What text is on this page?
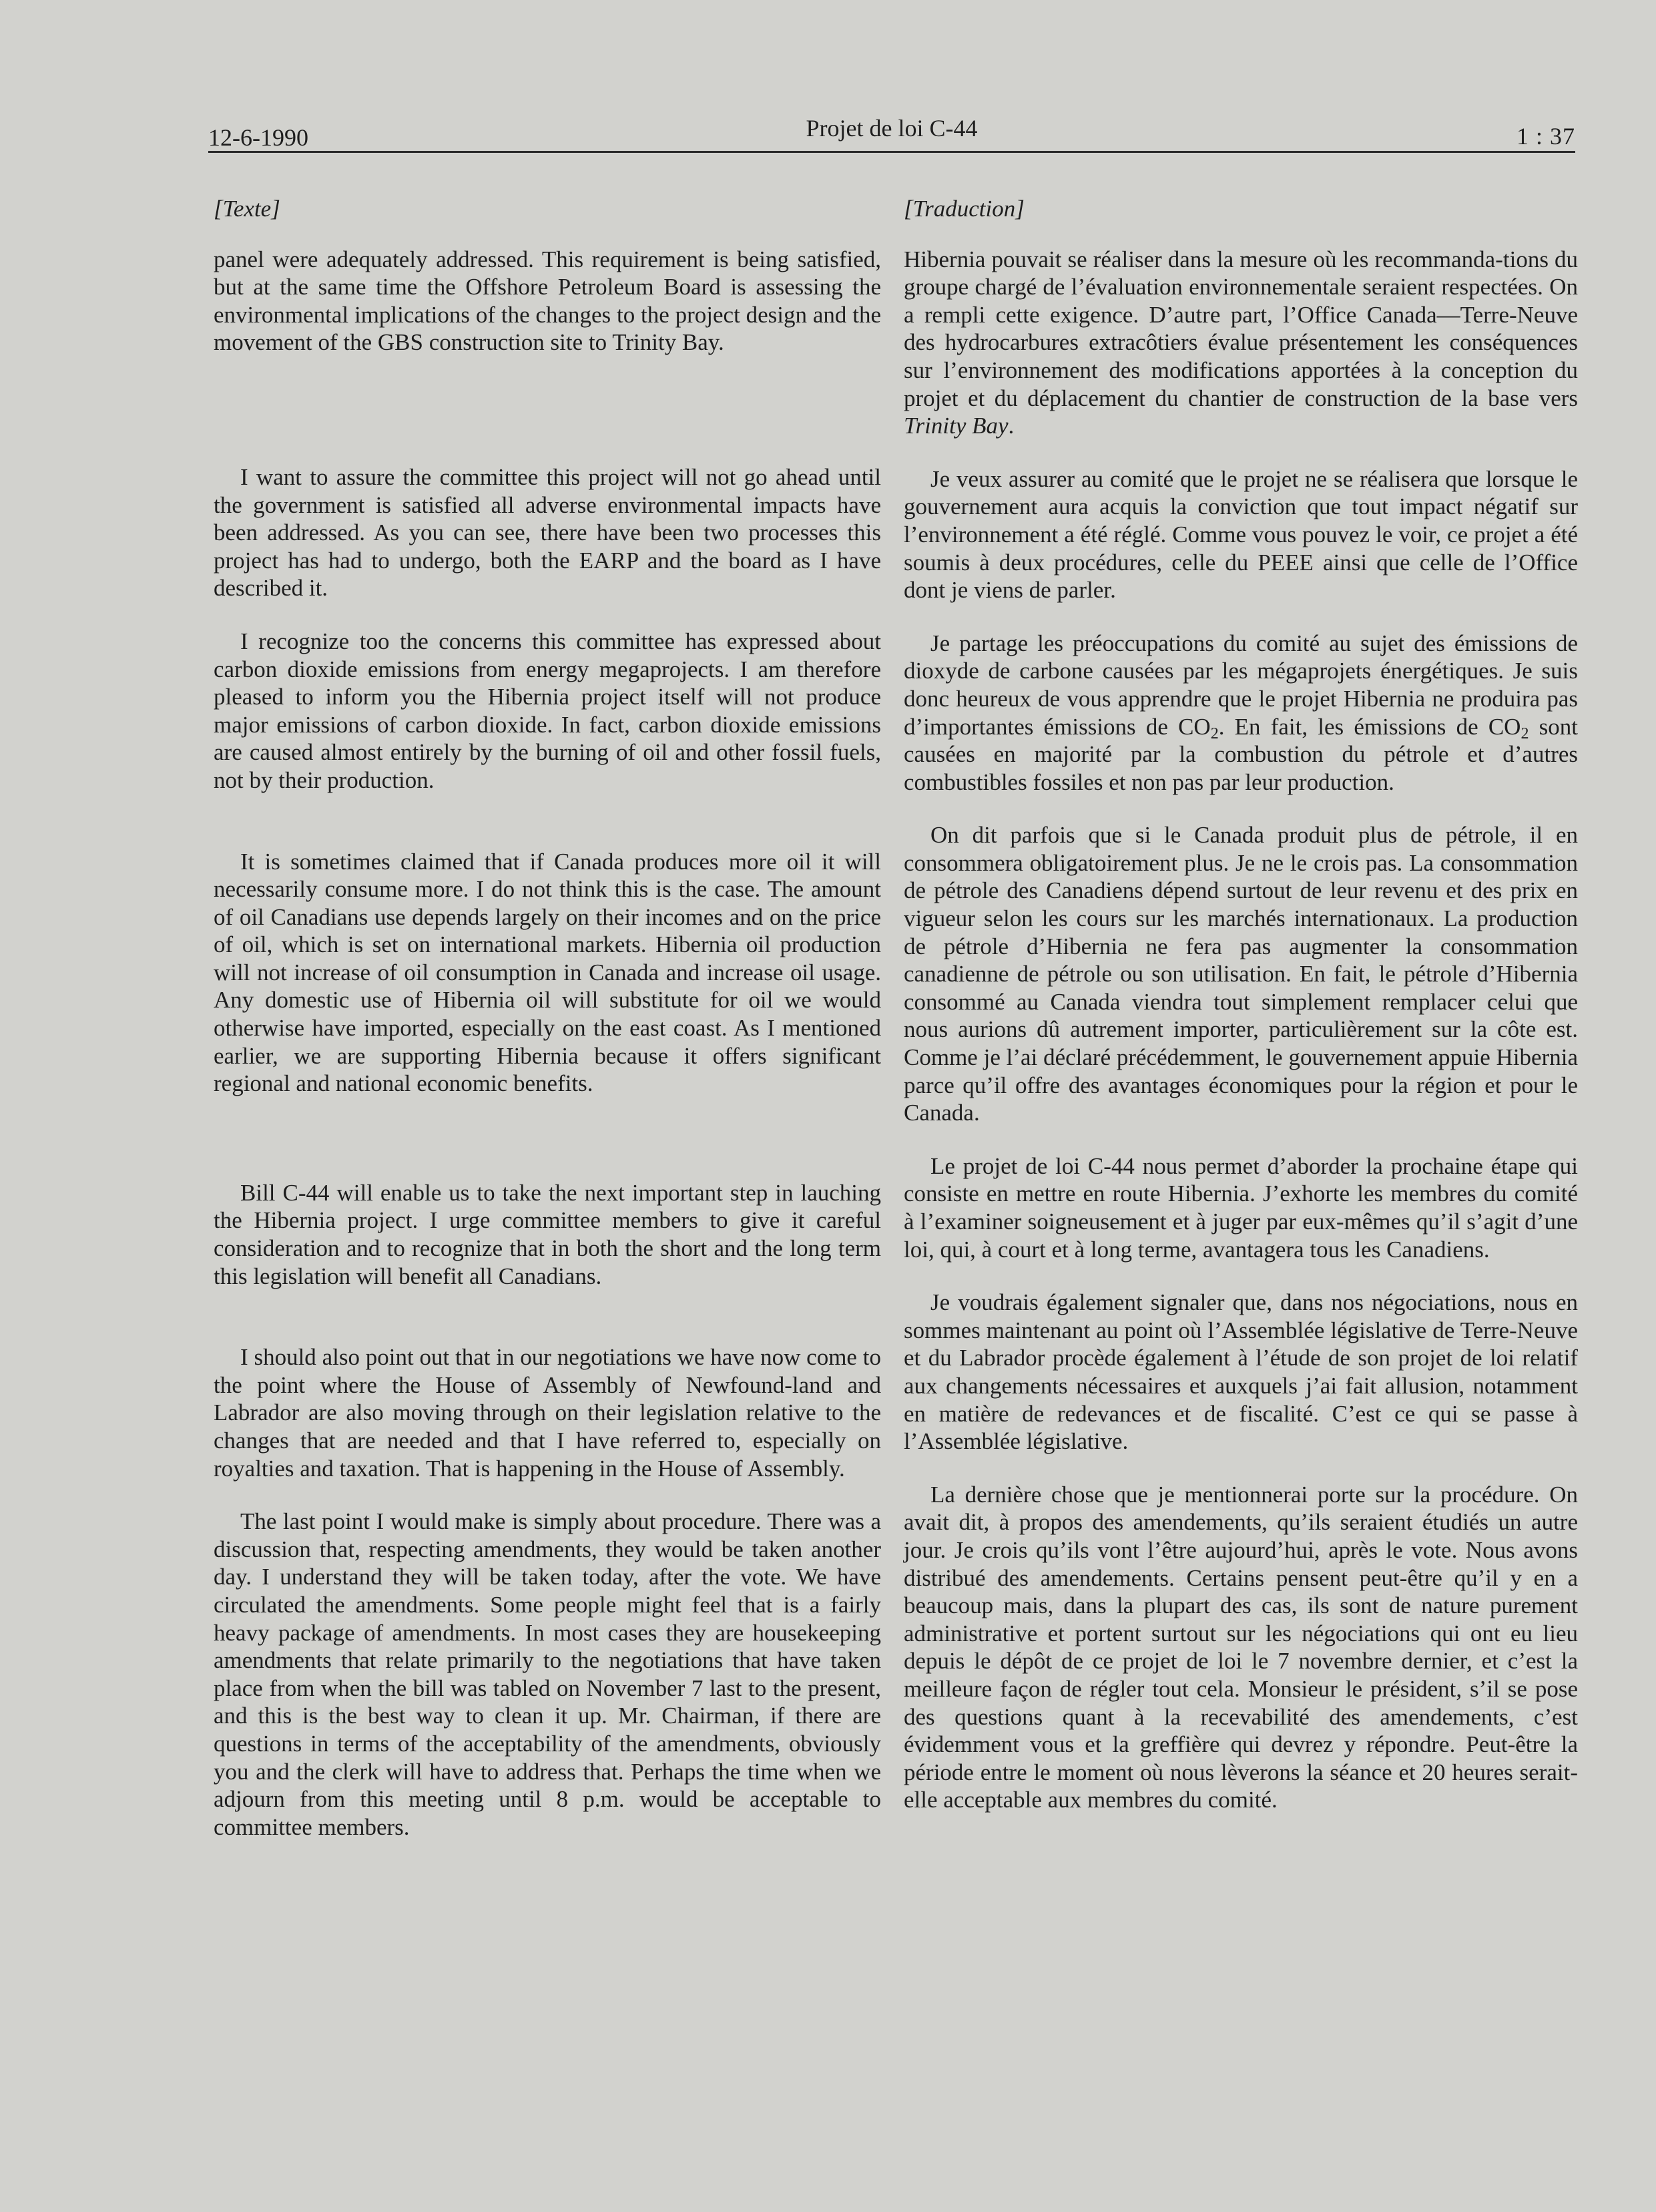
12-6-1990	Projet de loi C-44	1 : 37
[Texte]

panel were adequately addressed. This requirement is being satisfied, but at the same time the Offshore Petroleum Board is assessing the environmental implications of the changes to the project design and the movement of the GBS construction site to Trinity Bay.

I want to assure the committee this project will not go ahead until the government is satisfied all adverse environmental impacts have been addressed. As you can see, there have been two processes this project has had to undergo, both the EARP and the board as I have described it.

I recognize too the concerns this committee has expressed about carbon dioxide emissions from energy megaprojects. I am therefore pleased to inform you the Hibernia project itself will not produce major emissions of carbon dioxide. In fact, carbon dioxide emissions are caused almost entirely by the burning of oil and other fossil fuels, not by their production.

It is sometimes claimed that if Canada produces more oil it will necessarily consume more. I do not think this is the case. The amount of oil Canadians use depends largely on their incomes and on the price of oil, which is set on international markets. Hibernia oil production will not increase of oil consumption in Canada and increase oil usage. Any domestic use of Hibernia oil will substitute for oil we would otherwise have imported, especially on the east coast. As I mentioned earlier, we are supporting Hibernia because it offers significant regional and national economic benefits.

Bill C-44 will enable us to take the next important step in lauching the Hibernia project. I urge committee members to give it careful consideration and to recognize that in both the short and the long term this legislation will benefit all Canadians.

I should also point out that in our negotiations we have now come to the point where the House of Assembly of Newfound-land and Labrador are also moving through on their legislation relative to the changes that are needed and that I have referred to, especially on royalties and taxation. That is happening in the House of Assembly.

The last point I would make is simply about procedure. There was a discussion that, respecting amendments, they would be taken another day. I understand they will be taken today, after the vote. We have circulated the amendments. Some people might feel that is a fairly heavy package of amendments. In most cases they are housekeeping amendments that relate primarily to the negotiations that have taken place from when the bill was tabled on November 7 last to the present, and this is the best way to clean it up. Mr. Chairman, if there are questions in terms of the acceptability of the amendments, obviously you and the clerk will have to address that. Perhaps the time when we adjourn from this meeting until 8 p.m. would be acceptable to committee members.

[Traduction]

Hibernia pouvait se réaliser dans la mesure où les recommanda-tions du groupe chargé de l’évaluation environnementale seraient respectées. On a rempli cette exigence. D’autre part, l’Office Canada—Terre-Neuve des hydrocarbures extracôtiers évalue présentement les conséquences sur l’environnement des modifications apportées à la conception du projet et du déplacement du chantier de construction de la base vers Trinity Bay.

Je veux assurer au comité que le projet ne se réalisera que lorsque le gouvernement aura acquis la conviction que tout impact négatif sur l’environnement a été réglé. Comme vous pouvez le voir, ce projet a été soumis à deux procédures, celle du PEEE ainsi que celle de l’Office dont je viens de parler.

Je partage les préoccupations du comité au sujet des émissions de dioxyde de carbone causées par les mégaprojets énergétiques. Je suis donc heureux de vous apprendre que le projet Hibernia ne produira pas d’importantes émissions de $CO_2$. En fait, les émissions de $CO_2$ sont causées en majorité par la combustion du pétrole et d’autres combustibles fossiles et non pas par leur production.

On dit parfois que si le Canada produit plus de pétrole, il en consommera obligatoirement plus. Je ne le crois pas. La consommation de pétrole des Canadiens dépend surtout de leur revenu et des prix en vigueur selon les cours sur les marchés internationaux. La production de pétrole d’Hibernia ne fera pas augmenter la consommation canadienne de pétrole ou son utilisation. En fait, le pétrole d’Hibernia consommé au Canada viendra tout simplement remplacer celui que nous aurions dû autrement importer, particulièrement sur la côte est. Comme je l’ai déclaré précédemment, le gouvernement appuie Hibernia parce qu’il offre des avantages économiques pour la région et pour le Canada.

Le projet de loi C-44 nous permet d’aborder la prochaine étape qui consiste en mettre en route Hibernia. J’exhorte les membres du comité à l’examiner soigneusement et à juger par eux-mêmes qu’il s’agit d’une loi, qui, à court et à long terme, avantagera tous les Canadiens.

Je voudrais également signaler que, dans nos négociations, nous en sommes maintenant au point où l’Assemblée législative de Terre-Neuve et du Labrador procède également à l’étude de son projet de loi relatif aux changements nécessaires et auxquels j’ai fait allusion, notamment en matière de redevances et de fiscalité. C’est ce qui se passe à l’Assemblée législative.

La dernière chose que je mentionnerai porte sur la procédure. On avait dit, à propos des amendements, qu’ils seraient étudiés un autre jour. Je crois qu’ils vont l’être aujourd’hui, après le vote. Nous avons distribué des amendements. Certains pensent peut-être qu’il y en a beaucoup mais, dans la plupart des cas, ils sont de nature purement administrative et portent surtout sur les négociations qui ont eu lieu depuis le dépôt de ce projet de loi le 7 novembre dernier, et c’est la meilleure façon de régler tout cela. Monsieur le président, s’il se pose des questions quant à la recevabilité des amendements, c’est évidemment vous et la greffière qui devrez y répondre. Peut-être la période entre le moment où nous lèverons la séance et 20 heures serait-elle acceptable aux membres du comité.
